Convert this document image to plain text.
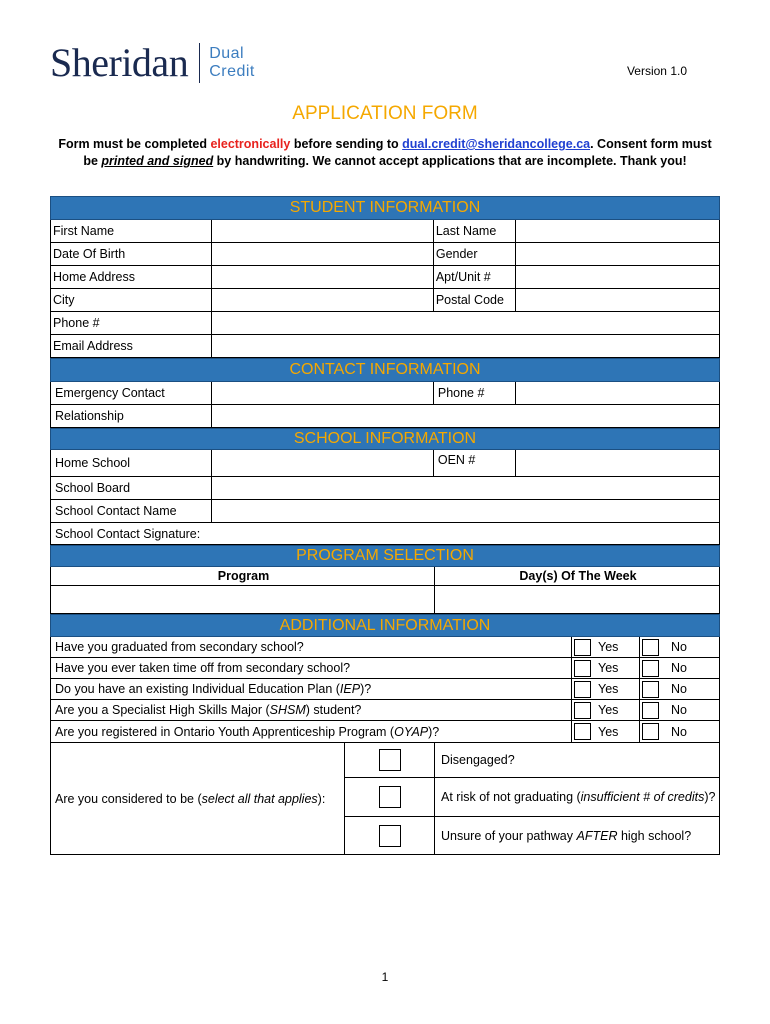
Sheridan Dual
Credit	Version 1.0
APPLICATION FORM
Form must be completed electronically before sending to dual.credit@sheridancollege.ca. Consent form must be printed and signed by handwriting. We cannot accept applications that are incomplete. Thank you!
STUDENT INFORMATION
First Name	Last Name
Date Of Birth	Gender
Home Address	Apt/Unit #
City	Postal Code
Phone #
Email Address
CONTACT INFORMATION
Emergency Contact	Phone #
Relationship
SCHOOL INFORMATION
Home School	OEN #
School Board
School Contact Name
School Contact Signature:
PROGRAM SELECTION
Program	Day(s) Of The Week
ADDITIONAL INFORMATION
Have you graduated from secondary school?	Yes	No
Have you ever taken time off from secondary school?	Yes	No
Do you have an existing Individual Education Plan ( IEP )?	Yes	No
Are you a Specialist High Skills Major ( SHSM ) student?	Yes	No
Are you registered in Ontario Youth Apprenticeship Program ( OYAP )?	Yes	No
Are you considered to be ( select all that applies ):
Disengaged?
At risk of not graduating (insufficient # of credits)?
Unsure of your pathway AFTER high school?
1
